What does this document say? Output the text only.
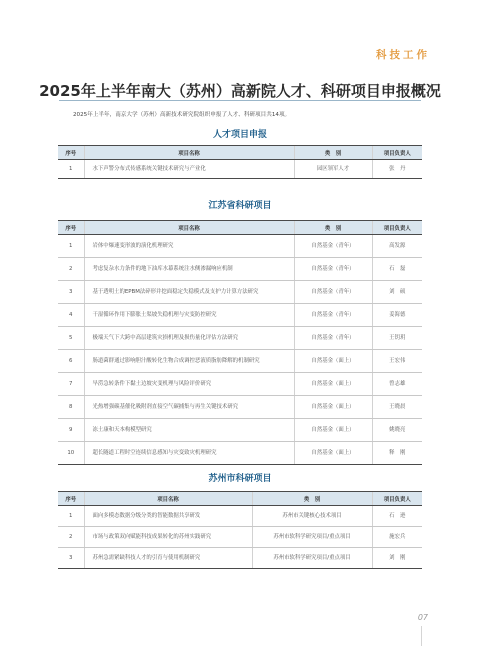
科技工作
2025年上半年南大（苏州）高新院人才、科研项目申报概况
2025年上半年，南京大学（苏州）高新技术研究院组织申报了人才、科研项目共14项。
人才项目申报
序号	项目名称	类　别	项目负责人
1	水下声警分布式传感系统关键技术研究与产业化	园区领军人才	张　丹
江苏省科研项目
序号	项目名称	类　别	项目负责人
1	岩体中爆速变形波的演化机理研究	自然基金（青年）	高发源
2	考虑复杂水力条件的地下油库水幕系统注水侧渗漏响应机制	自然基金（青年）	石　磊
3	基于透明土的EPBM法碎形并挖面稳定失稳模式及支护力计算方法研究	自然基金（青年）	刘　硕
4	干湿循环作用下膨胀土渠坡失稳机理与灾变防控研究	自然基金（青年）	姜海德
5	极端天气下大跨中高层建筑灾损机理及损伤量化评估方法研究	自然基金（青年）	王钥玥
6	肠道菌群通过影响胆汁酸转化生物合成调控恶液质脂肪降解的机制研究	自然基金（面上）	王宏伟
7	旱涝急转条件下黏土边坡灾变机理与风险评价研究	自然基金（面上）	曾志雄
8	光热增强碳基催化吸附剂直接空气碳捕集与再生关键技术研究	自然基金（面上）	王晓晨
9	冻土康和天本构模型研究	自然基金（面上）	姚晓亮
10	超长隧道工程时空连续信息感知与灾变致灾机理研究	自然基金（面上）	释　刚
苏州市科研项目
序号	项目名称	类　别	项目负责人
1	面向多模态数据分级分类的智能数据共享研发	苏州市关键核心技术项目	石　逊
2	市场与政策双向赋能科技成果转化的苏州实践研究	苏州市软科学研究项目/重点项目	施宏兵
3	苏州急需紧缺科技人才的引育与使用机制研究	苏州市软科学研究项目/重点项目	刘　刚
07
